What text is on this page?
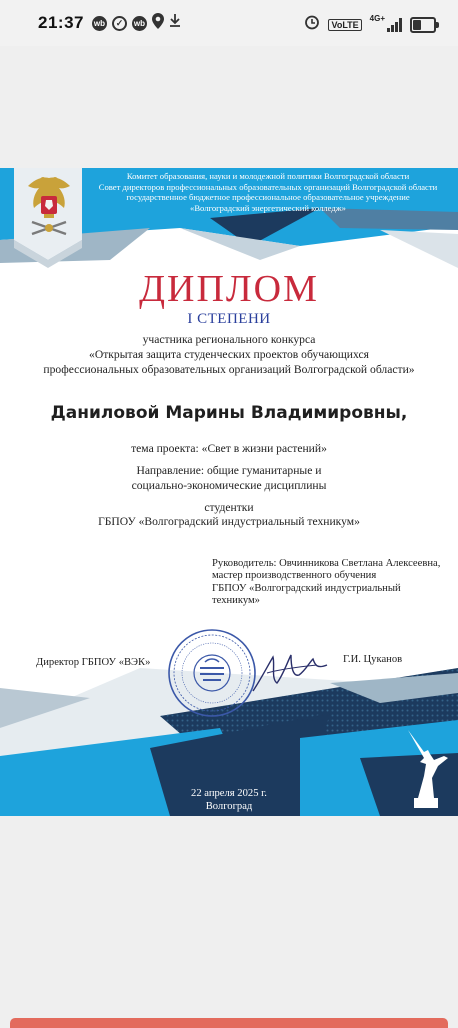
21:37 wb	✓	wb	VoLTE
4G+
Комитет образования, науки и молодежной политики Волгоградской области
Совет директоров профессиональных образовательных организаций Волгоградской области
государственное бюджетное профессиональное образовательное учреждение
«Волгоградский энергетический колледж»
ДИПЛОМ
I СТЕПЕНИ
участника регионального конкурса
«Открытая защита студенческих проектов обучающихся
профессиональных образовательных организаций Волгоградской области»
Даниловой Марины Владимировны,
тема проекта: «Свет в жизни растений»
Направление: общие гуманитарные и
социально-экономические дисциплины
студентки
ГБПОУ «Волгоградский индустриальный техникум»
Руководитель: Овчинникова Светлана Алексеевна,
мастер производственного обучения
ГБПОУ «Волгоградский индустриальный
техникум»
Директор ГБПОУ «ВЭК»	Г.И. Цуканов
22 апреля 2025 г.
Волгоград
